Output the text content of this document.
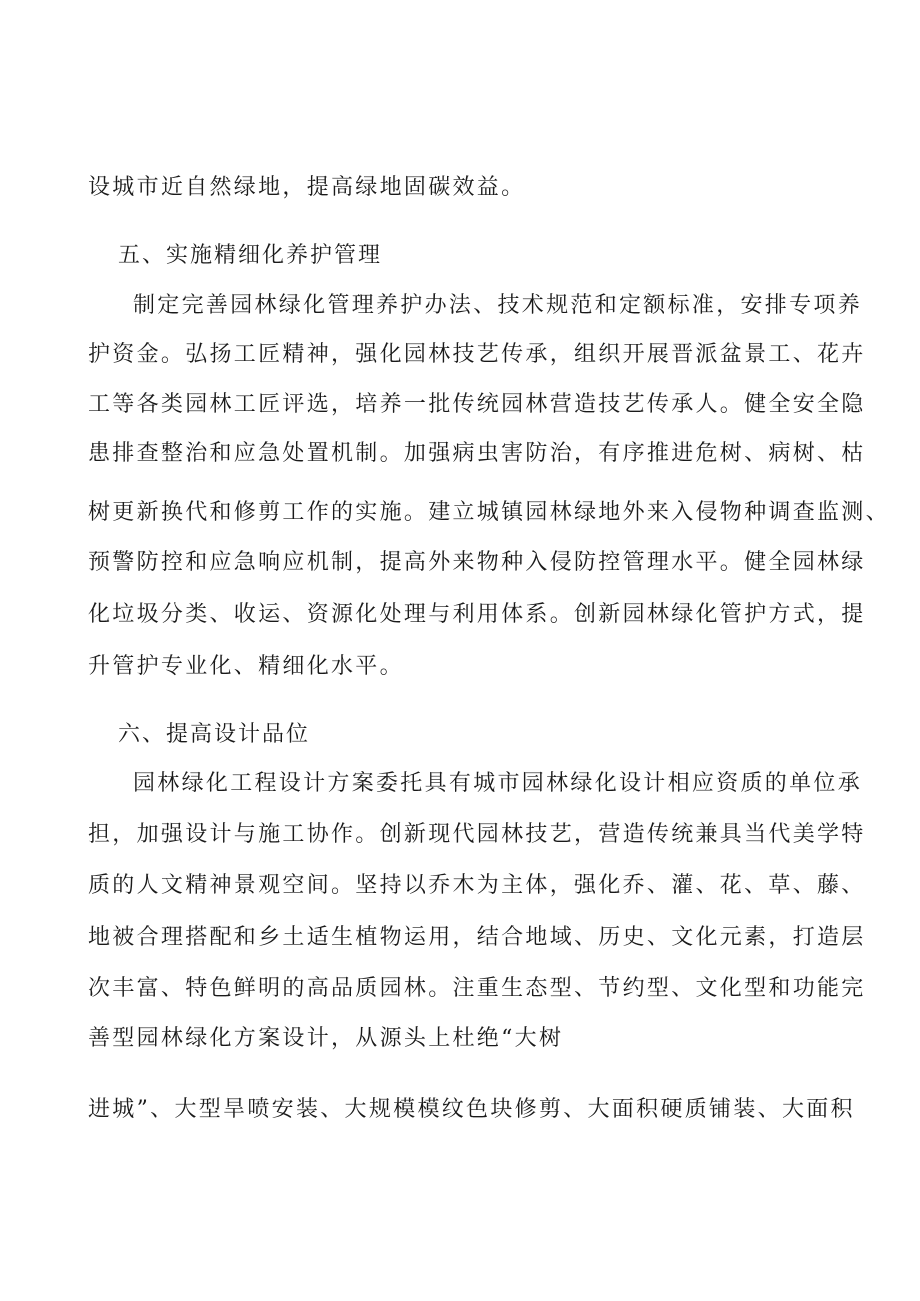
设城市近自然绿地，提高绿地固碳效益。
五、实施精细化养护管理
制定完善园林绿化管理养护办法、技术规范和定额标准，安排专项养
护资金。弘扬工匠精神，强化园林技艺传承，组织开展晋派盆景工、花卉
工等各类园林工匠评选，培养一批传统园林营造技艺传承人。健全安全隐
患排查整治和应急处置机制。加强病虫害防治，有序推进危树、病树、枯
树更新换代和修剪工作的实施。建立城镇园林绿地外来入侵物种调查监测、
预警防控和应急响应机制，提高外来物种入侵防控管理水平。健全园林绿
化垃圾分类、收运、资源化处理与利用体系。创新园林绿化管护方式，提
升管护专业化、精细化水平。
六、提高设计品位
园林绿化工程设计方案委托具有城市园林绿化设计相应资质的单位承
担，加强设计与施工协作。创新现代园林技艺，营造传统兼具当代美学特
质的人文精神景观空间。坚持以乔木为主体，强化乔、灌、花、草、藤、
地被合理搭配和乡土适生植物运用，结合地域、历史、文化元素，打造层
次丰富、特色鲜明的高品质园林。注重生态型、节约型、文化型和功能完
善型园林绿化方案设计，从源头上杜绝“大树
进城”、大型旱喷安装、大规模模纹色块修剪、大面积硬质铺装、大面积
